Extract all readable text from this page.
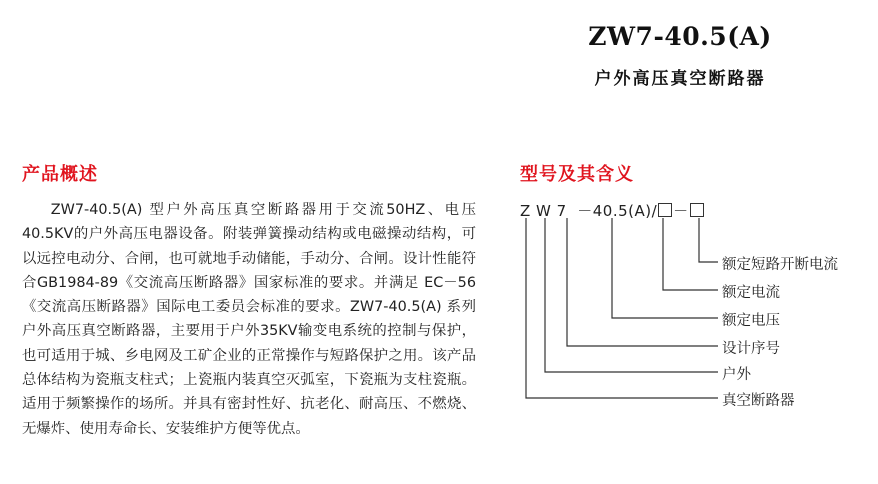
ZW7-40.5(A)
户外高压真空断路器
产品概述

ZW7-40.5(A) 型户外高压真空断路器用于交流50HZ、电压40.5KV的户外高压电器设备。附装弹簧操动结构或电磁操动结构，可以远控电动分、合闸，也可就地手动储能，手动分、合闸。设计性能符合GB1984-89《交流高压断路器》国家标准的要求。并满足 EC－56《交流高压断路器》国际电工委员会标准的要求。ZW7-40.5(A) 系列户外高压真空断路器，主要用于户外35KV输变电系统的控制与保护，也可适用于城、乡电网及工矿企业的正常操作与短路保护之用。该产品总体结构为瓷瓶支柱式；上瓷瓶内装真空灭弧室，下瓷瓶为支柱瓷瓶。适用于频繁操作的场所。并具有密封性好、抗老化、耐高压、不燃烧、无爆炸、使用寿命长、安装维护方便等优点。

型号及其含义
Z W 7  －40.5(A)/ －
额定短路开断电流
额定电流
额定电压
设计序号
户外
真空断路器
